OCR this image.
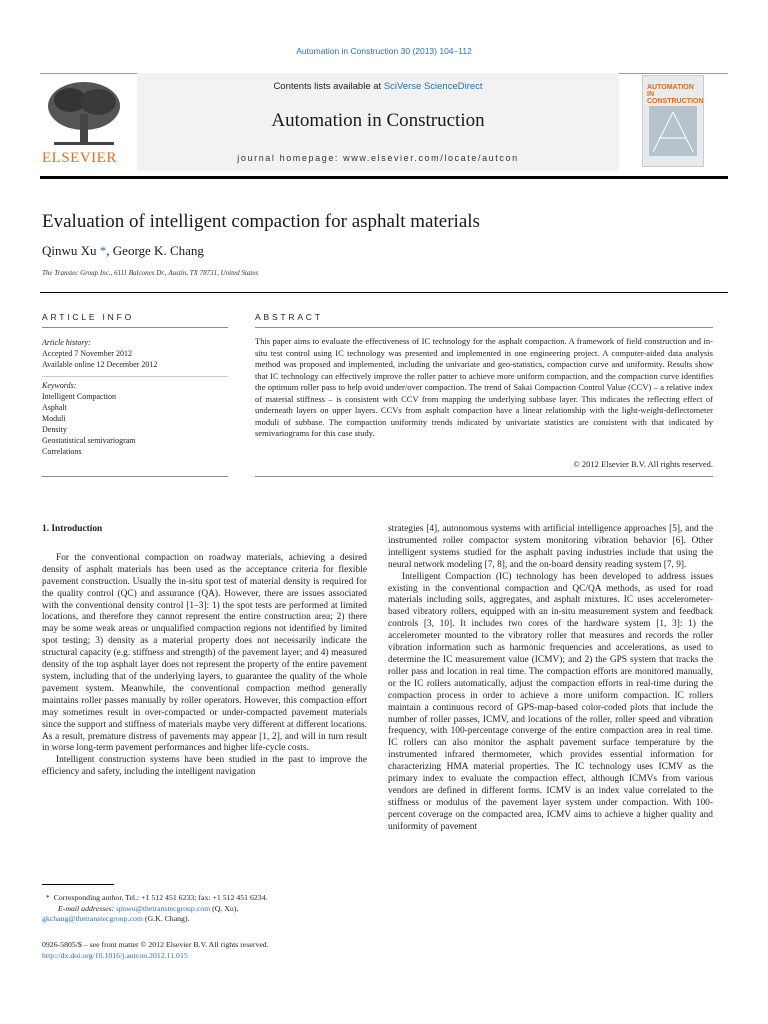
Automation in Construction 30 (2013) 104–112
ELSEVIER
Contents lists available at SciVerse ScienceDirect
Automation in Construction
journal homepage: www.elsevier.com/locate/autcon
AUTOMATION IN CONSTRUCTION
Evaluation of intelligent compaction for asphalt materials
Qinwu Xu *, George K. Chang
The Transtec Group Inc., 6111 Balcones Dr., Austin, TX 78731, United States
ARTICLE INFO	ABSTRACT
Article history:
Accepted 7 November 2012
Available online 12 December 2012
Keywords:
Intelligent Compaction
Asphalt
Moduli
Density
Geostatistical semivariogram
Correlations
This paper aims to evaluate the effectiveness of IC technology for the asphalt compaction. A framework of field construction and in-situ test control using IC technology was presented and implemented in one engineering project. A computer-aided data analysis method was proposed and implemented, including the univariate and geo-statistics, compaction curve and uniformity. Results show that IC technology can effectively improve the roller patter to achieve more uniform compaction, and the compaction curve identifies the optimum roller pass to help avoid under/over compaction. The trend of Sakai Compaction Control Value (CCV) – a relative index of material stiffness – is consistent with CCV from mapping the underlying subbase layer. This indicates the reflecting effect of underneath layers on upper layers. CCVs from asphalt compaction have a linear relationship with the light-weight-deflectometer moduli of subbase. The compaction uniformity trends indicated by univariate statistics are consistent with that indicated by semivariograms for this case study.
© 2012 Elsevier B.V. All rights reserved.
1. Introduction

For the conventional compaction on roadway materials, achieving a desired density of asphalt materials has been used as the acceptance criteria for flexible pavement construction. Usually the in-situ spot test of material density is required for the quality control (QC) and assurance (QA). However, there are issues associated with the conventional density control [1–3]: 1) the spot tests are performed at limited locations, and therefore they cannot represent the entire construction area; 2) there may be some weak areas or unqualified compaction regions not identified by limited spot testing; 3) density as a material property does not necessarily indicate the structural capacity (e.g. stiffness and strength) of the pavement layer; and 4) measured density of the top asphalt layer does not represent the property of the entire pavement system, including that of the underlying layers, to guarantee the quality of the whole pavement system. Meanwhile, the conventional compaction method generally maintains roller passes manually by roller operators. However, this compaction effort may sometimes result in over-compacted or under-compacted pavement materials since the support and stiffness of materials maybe very different at different locations. As a result, premature distress of pavements may appear [1, 2], and will in turn result in worse long-term pavement performances and higher life-cycle costs.

Intelligent construction systems have been studied in the past to improve the efficiency and safety, including the intelligent navigation

strategies [4], autonomous systems with artificial intelligence approaches [5], and the instrumented roller compactor system monitoring vibration behavior [6]. Other intelligent systems studied for the asphalt paving industries include that using the neural network modeling [7, 8], and the on-board density reading system [7, 9].

Intelligent Compaction (IC) technology has been developed to address issues existing in the conventional compaction and QC/QA methods, as used for road materials including soils, aggregates, and asphalt mixtures. IC uses accelerometer-based vibratory rollers, equipped with an in-situ measurement system and feedback controls [3, 10]. It includes two cores of the hardware system [1, 3]: 1) the accelerometer mounted to the vibratory roller that measures and records the roller vibration information such as harmonic frequencies and accelerations, as used to determine the IC measurement value (ICMV); and 2) the GPS system that tracks the roller pass and location in real time. The compaction efforts are monitored manually, or the IC rollers automatically, adjust the compaction efforts in real-time during the compaction process in order to achieve a more uniform compaction. IC rollers maintain a continuous record of GPS-map-based color-coded plots that include the number of roller passes, ICMV, and locations of the roller, roller speed and vibration frequency, with 100-percentage converge of the entire compaction area in real time. IC rollers can also monitor the asphalt pavement surface temperature by the instrumented infrared thermometer, which provides essential information for characterizing HMA material properties. The IC technology uses ICMV as the primary index to evaluate the compaction effect, although ICMVs from various vendors are defined in different forms. ICMV is an index value correlated to the stiffness or modulus of the pavement layer system under compaction. With 100-percent coverage on the compacted area, ICMV aims to achieve a higher quality and uniformity of pavement

*  Corresponding author. Tel.: +1 512 451 6233; fax: +1 512 451 6234.
E-mail addresses: qinwu@thetranstecgroup.com (Q. Xu),
gkchang@thetranstecgroup.com (G.K. Chang).
0926-5805/$ – see front matter © 2012 Elsevier B.V. All rights reserved.
http://dx.doi.org/10.1016/j.autcon.2012.11.015
